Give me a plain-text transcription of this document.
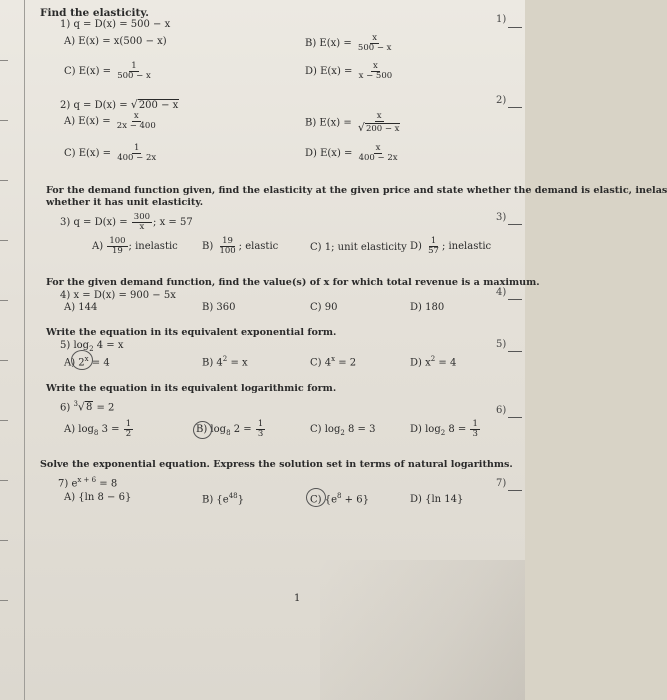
Find the elasticity.
1) q = D(x) = 500 − x
A) E(x) = x(500 − x)	B) $E(x) = \frac{x}{500 - x}$
C) $E(x) = \frac{1}{500 - x}$	D) $E(x) = \frac{x}{x - 500}$
1)
2) q = D(x) = √200 − x
A) $E(x) = \frac{x}{2x - 400}$	B) $E(x) = \frac{x}{√200 - x}$
C) $E(x) = \frac{1}{400 - 2x}$	D) $E(x) = \frac{x}{400 - 2x}$
2)
For the demand function given, find the elasticity at the given price and state whether the demand is elastic, inelas
whether it has unit elasticity.
3) $q = D(x) = \frac{300}{x}$ ; x = 57
$A) \frac{100}{19}$ ; inelastic $B) \frac{19}{100}$ ; elastic	C) 1; unit elasticity $D) \frac{1}{57}$ ; inelastic
3)
For the given demand function, find the value(s) of x for which total revenue is a maximum.
4) x = D(x) = 900 − 5x
A) 144	B) 360	C) 90	D) 180
4)
Write the equation in its equivalent exponential form.
5) $\log_2 4 = x$
A) $2^x = 4$	B) $4^2 = x$	C) $4^x = 2$	D) $x^2 = 4$
5)
Write the equation in its equivalent logarithmic form.
6) $^3$√8 = 2
A) $\log_8 3 = \frac{1}{2}$	B) $\log_8 2 = \frac{1}{3}$	C) $\log_2 8 = 3$	D) $\log_2 8 = \frac{1}{3}$
6)
Solve the exponential equation. Express the solution set in terms of natural logarithms.
7) $e^{x + 6} = 8$
A) {ln 8 − 6}	B) $\{e^{48}\}$	C) $\{e^8 + 6\}$	D) {ln 14}
7)
1
